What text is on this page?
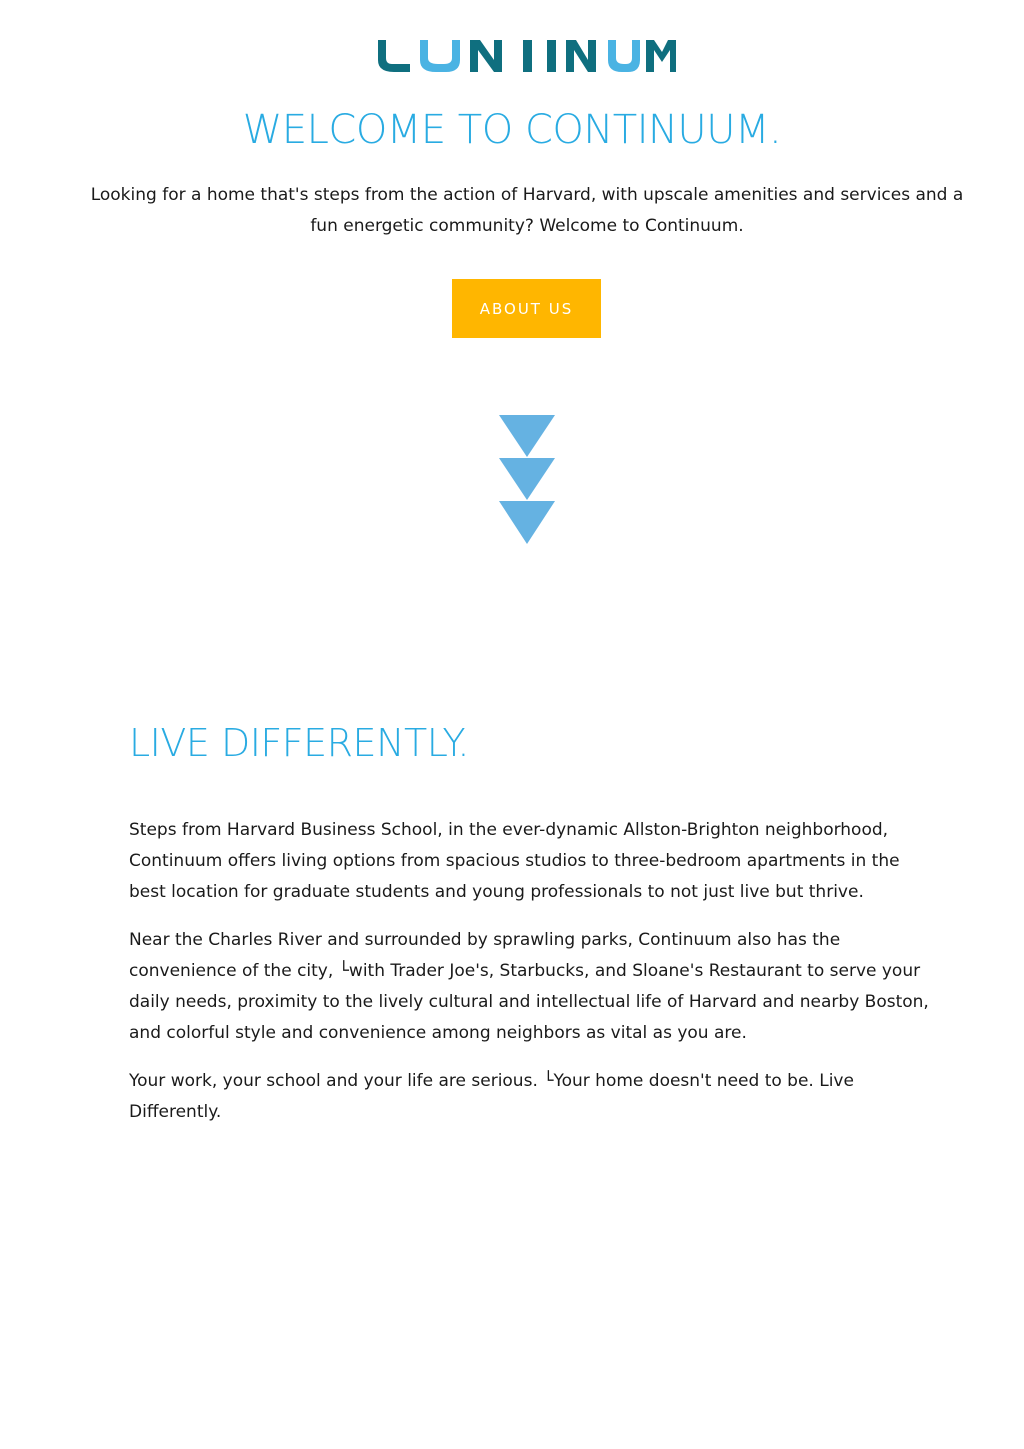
WELCOME TO CONTINUUM.

Looking for a home that's steps from the action of Harvard, with upscale amenities and services and a fun energetic community? Welcome to Continuum.

ABOUT US
LIVE DIFFERENTLY.

Steps from Harvard Business School, in the ever-dynamic Allston-Brighton neighborhood, Continuum offers living options from spacious studios to three-bedroom apartments in the best location for graduate students and young professionals to not just live but thrive.

Near the Charles River and surrounded by sprawling parks, Continuum also has the convenience of the city, └with Trader Joe's, Starbucks, and Sloane's Restaurant to serve your daily needs, proximity to the lively cultural and intellectual life of Harvard and nearby Boston, and colorful style and convenience among neighbors as vital as you are.

Your work, your school and your life are serious. └Your home doesn't need to be. Live Differently.
